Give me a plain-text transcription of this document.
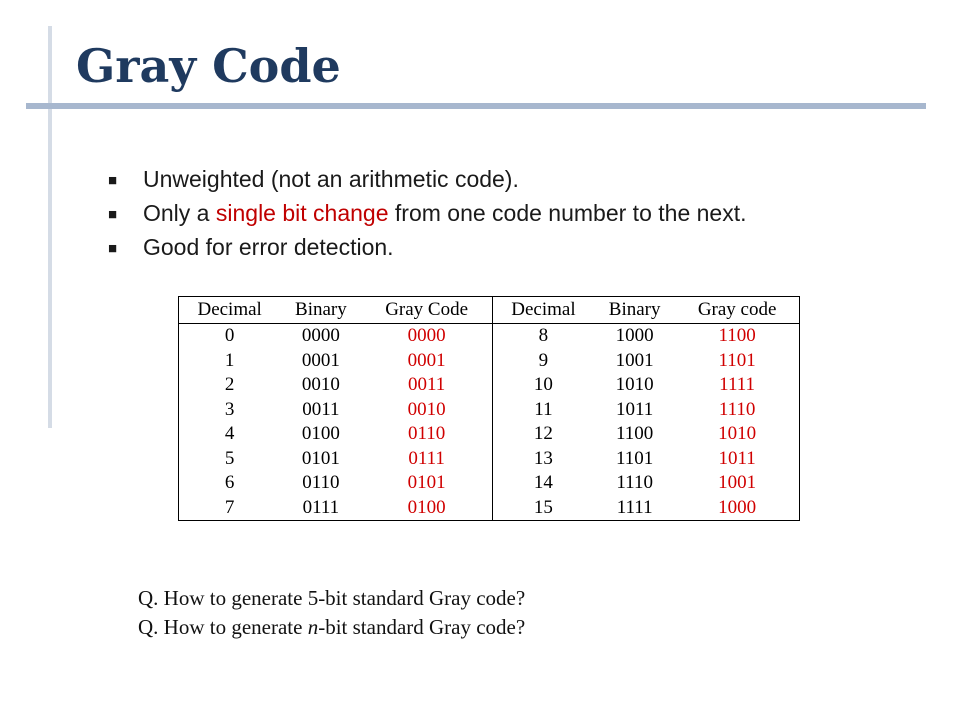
Gray Code
■ Unweighted (not an arithmetic code).
■ Only a single bit change from one code number to the next.
■ Good for error detection.
Decimal	Binary	Gray Code	Decimal	Binary	Gray code
0	0000	0000	8	1000	1100
1	0001	0001	9	1001	1101
2	0010	0011	10	1010	1111
3	0011	0010	11	1011	1110
4	0100	0110	12	1100	1010
5	0101	0111	13	1101	1011
6	0110	0101	14	1110	1001
7	0111	0100	15	1111	1000
Q. How to generate 5-bit standard Gray code?
Q. How to generate n-bit standard Gray code?
